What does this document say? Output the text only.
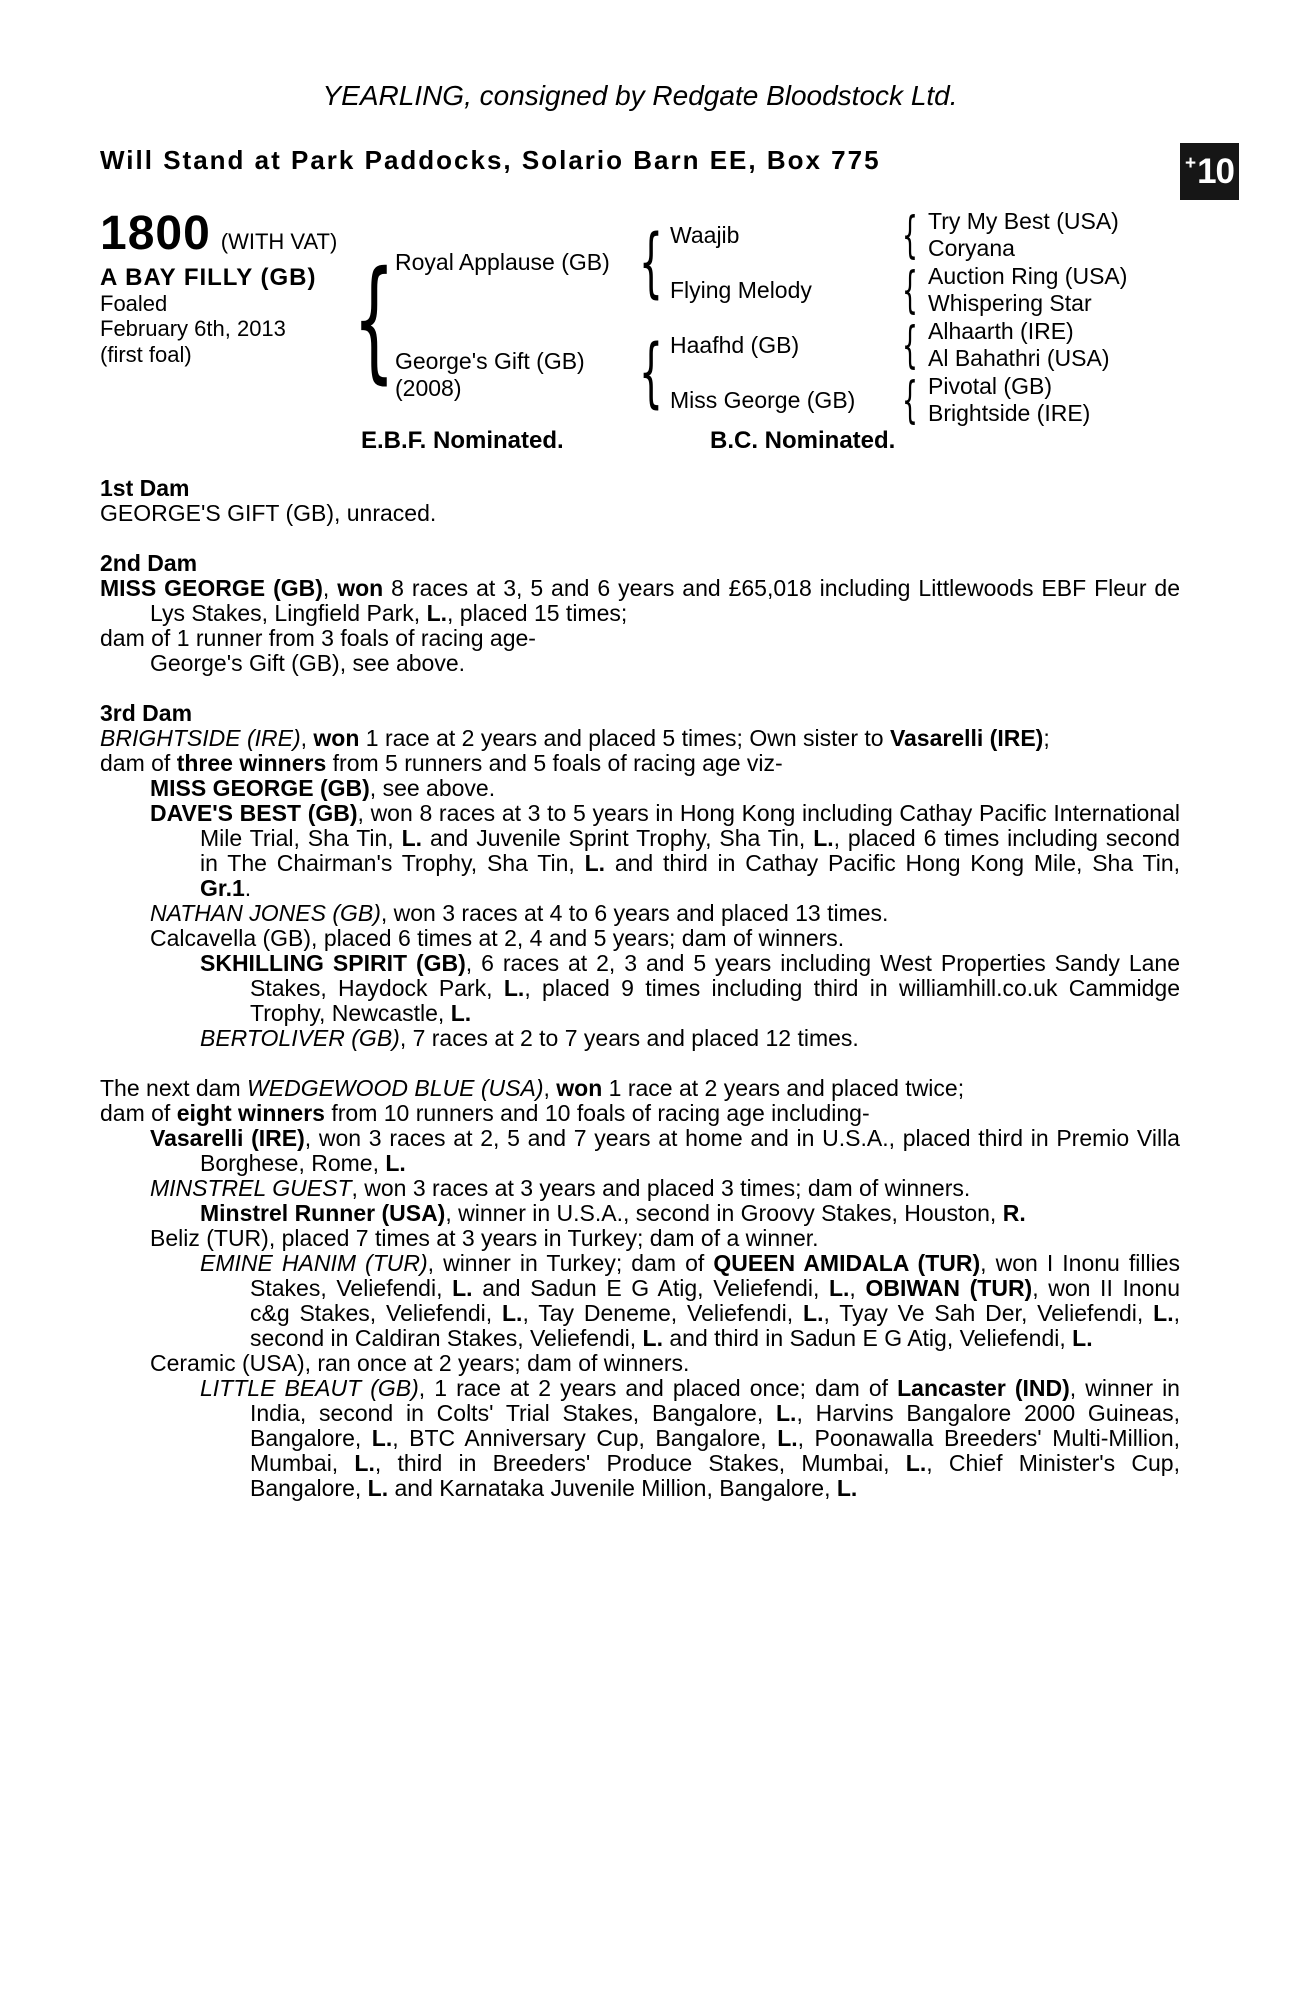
YEARLING, consigned by Redgate Bloodstock Ltd.
Will Stand at Park Paddocks, Solario Barn EE, Box 775	+ 10
1800 (WITH VAT)
A BAY FILLY (GB)
Foaled
February 6th, 2013
(first foal)
{
Royal Applause (GB)
George's Gift (GB)
(2008)
{
{
Waajib
Flying Melody
Haafhd (GB)
Miss George (GB)
{
{
{
{
Try My Best (USA)
Coryana
Auction Ring (USA)
Whispering Star
Alhaarth (IRE)
Al Bahathri (USA)
Pivotal (GB)
Brightside (IRE)
E.B.F. Nominated.	B.C. Nominated.
1st Dam

GEORGE'S GIFT (GB), unraced.

2nd Dam

MISS GEORGE (GB), won 8 races at 3, 5 and 6 years and £65,018 including Littlewoods EBF Fleur de Lys Stakes, Lingfield Park, L., placed 15 times;

dam of 1 runner from 3 foals of racing age-

George's Gift (GB), see above.

3rd Dam

BRIGHTSIDE (IRE), won 1 race at 2 years and placed 5 times; Own sister to Vasarelli (IRE);

dam of three winners from 5 runners and 5 foals of racing age viz-

MISS GEORGE (GB), see above.

DAVE'S BEST (GB), won 8 races at 3 to 5 years in Hong Kong including Cathay Pacific International Mile Trial, Sha Tin, L. and Juvenile Sprint Trophy, Sha Tin, L., placed 6 times including second in The Chairman's Trophy, Sha Tin, L. and third in Cathay Pacific Hong Kong Mile, Sha Tin, Gr.1.

NATHAN JONES (GB), won 3 races at 4 to 6 years and placed 13 times.

Calcavella (GB), placed 6 times at 2, 4 and 5 years; dam of winners.

SKHILLING SPIRIT (GB), 6 races at 2, 3 and 5 years including West Properties Sandy Lane Stakes, Haydock Park, L., placed 9 times including third in williamhill.co.uk Cammidge Trophy, Newcastle, L.

BERTOLIVER (GB), 7 races at 2 to 7 years and placed 12 times.

The next dam WEDGEWOOD BLUE (USA), won 1 race at 2 years and placed twice;

dam of eight winners from 10 runners and 10 foals of racing age including-

Vasarelli (IRE), won 3 races at 2, 5 and 7 years at home and in U.S.A., placed third in Premio Villa Borghese, Rome, L.

MINSTREL GUEST, won 3 races at 3 years and placed 3 times; dam of winners.

Minstrel Runner (USA), winner in U.S.A., second in Groovy Stakes, Houston, R.

Beliz (TUR), placed 7 times at 3 years in Turkey; dam of a winner.

EMINE HANIM (TUR), winner in Turkey; dam of QUEEN AMIDALA (TUR), won I Inonu fillies Stakes, Veliefendi, L. and Sadun E G Atig, Veliefendi, L., OBIWAN (TUR), won II Inonu c&g Stakes, Veliefendi, L., Tay Deneme, Veliefendi, L., Tyay Ve Sah Der, Veliefendi, L., second in Caldiran Stakes, Veliefendi, L. and third in Sadun E G Atig, Veliefendi, L.

Ceramic (USA), ran once at 2 years; dam of winners.

LITTLE BEAUT (GB), 1 race at 2 years and placed once; dam of Lancaster (IND), winner in India, second in Colts' Trial Stakes, Bangalore, L., Harvins Bangalore 2000 Guineas, Bangalore, L., BTC Anniversary Cup, Bangalore, L., Poonawalla Breeders' Multi-Million, Mumbai, L., third in Breeders' Produce Stakes, Mumbai, L., Chief Minister's Cup, Bangalore, L. and Karnataka Juvenile Million, Bangalore, L.
